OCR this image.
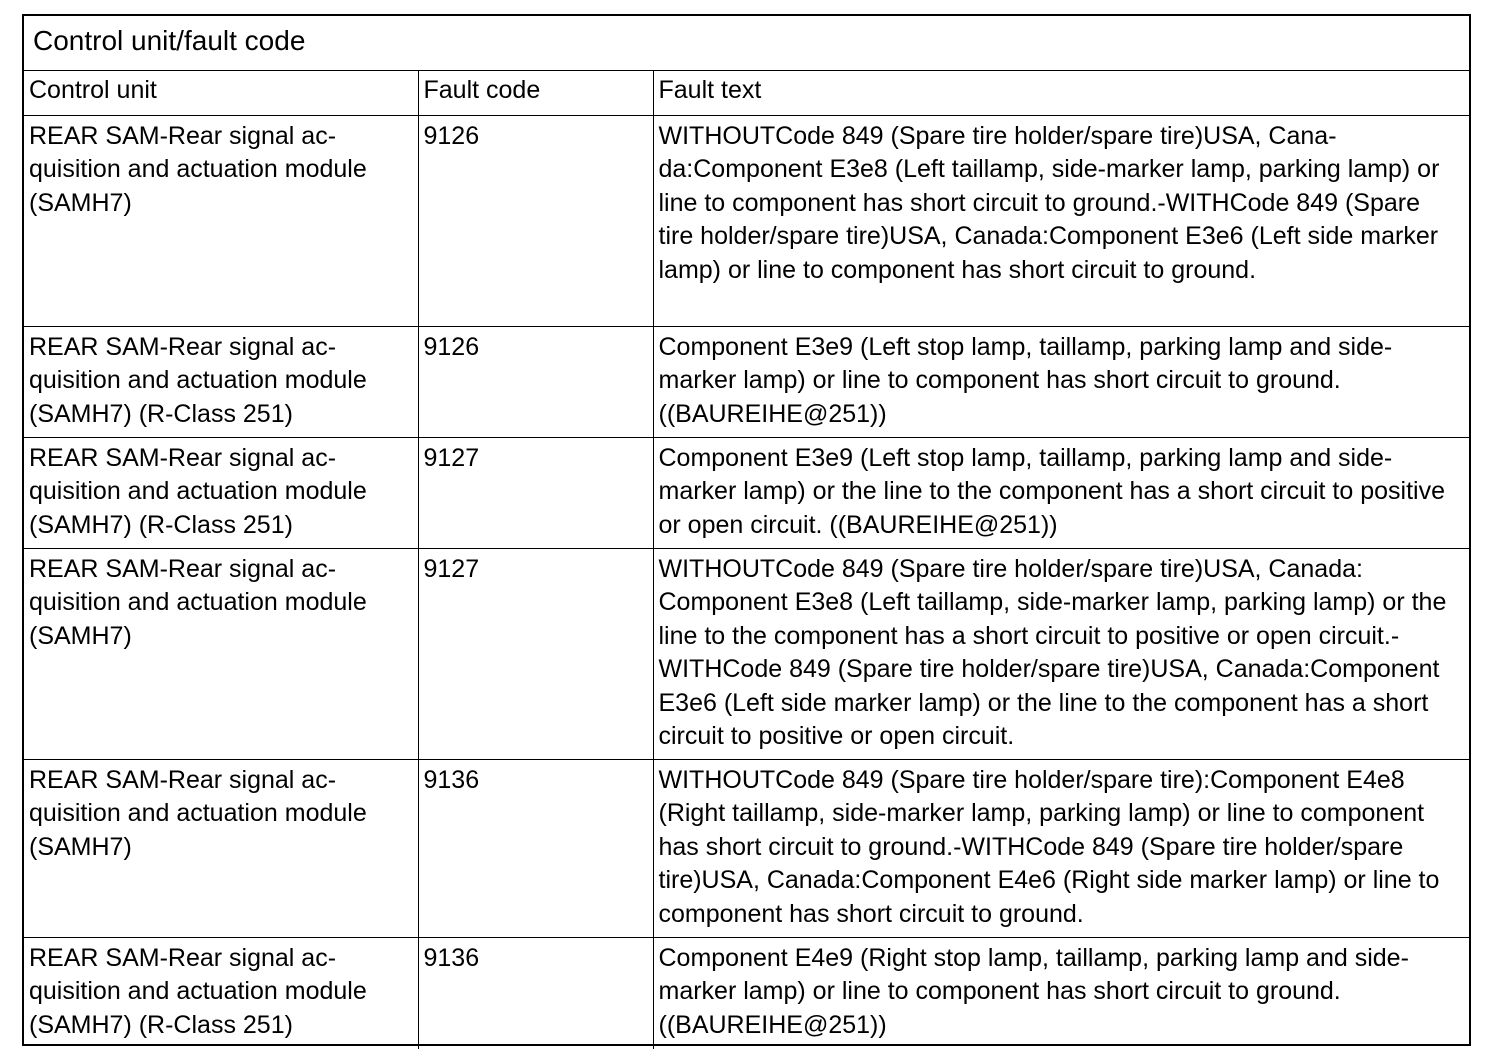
Control unit/fault code		
Control unit	Fault code	Fault text
REAR SAM-Rear signal acquisition and actuation module (SAMH7)	9126	WITHOUTCode 849 (Spare tire holder/spare tire)USA, Canada:Component E3e8 (Left taillamp, side-marker lamp, parking lamp) or line to component has short circuit to ground.-WITHCode 849 (Spare tire holder/spare tire)USA, Canada:Component E3e6 (Left side marker lamp) or line to component has short circuit to ground.
REAR SAM-Rear signal acquisition and actuation module (SAMH7) (R-Class 251)	9126	Component E3e9 (Left stop lamp, taillamp, parking lamp and side-marker lamp) or line to component has short circuit to ground. ((BAUREIHE@251))
REAR SAM-Rear signal acquisition and actuation module (SAMH7) (R-Class 251)	9127	Component E3e9 (Left stop lamp, taillamp, parking lamp and side-marker lamp) or the line to the component has a short circuit to positive or open circuit. ((BAUREIHE@251))
REAR SAM-Rear signal acquisition and actuation module (SAMH7)	9127	WITHOUTCode 849 (Spare tire holder/spare tire)USA, Canada: Component E3e8 (Left taillamp, side-marker lamp, parking lamp) or the line to the component has a short circuit to positive or open circuit.-WITHCode 849 (Spare tire holder/spare tire)USA, Canada:Component E3e6 (Left side marker lamp) or the line to the component has a short circuit to positive or open circuit.
REAR SAM-Rear signal acquisition and actuation module (SAMH7)	9136	WITHOUTCode 849 (Spare tire holder/spare tire):Component E4e8 (Right taillamp, side-marker lamp, parking lamp) or line to component has short circuit to ground.-WITHCode 849 (Spare tire holder/spare tire)USA, Canada:Component E4e6 (Right side marker lamp) or line to component has short circuit to ground.
REAR SAM-Rear signal acquisition and actuation module (SAMH7) (R-Class 251)	9136	Component E4e9 (Right stop lamp, taillamp, parking lamp and side-marker lamp) or line to component has short circuit to ground. ((BAUREIHE@251))
